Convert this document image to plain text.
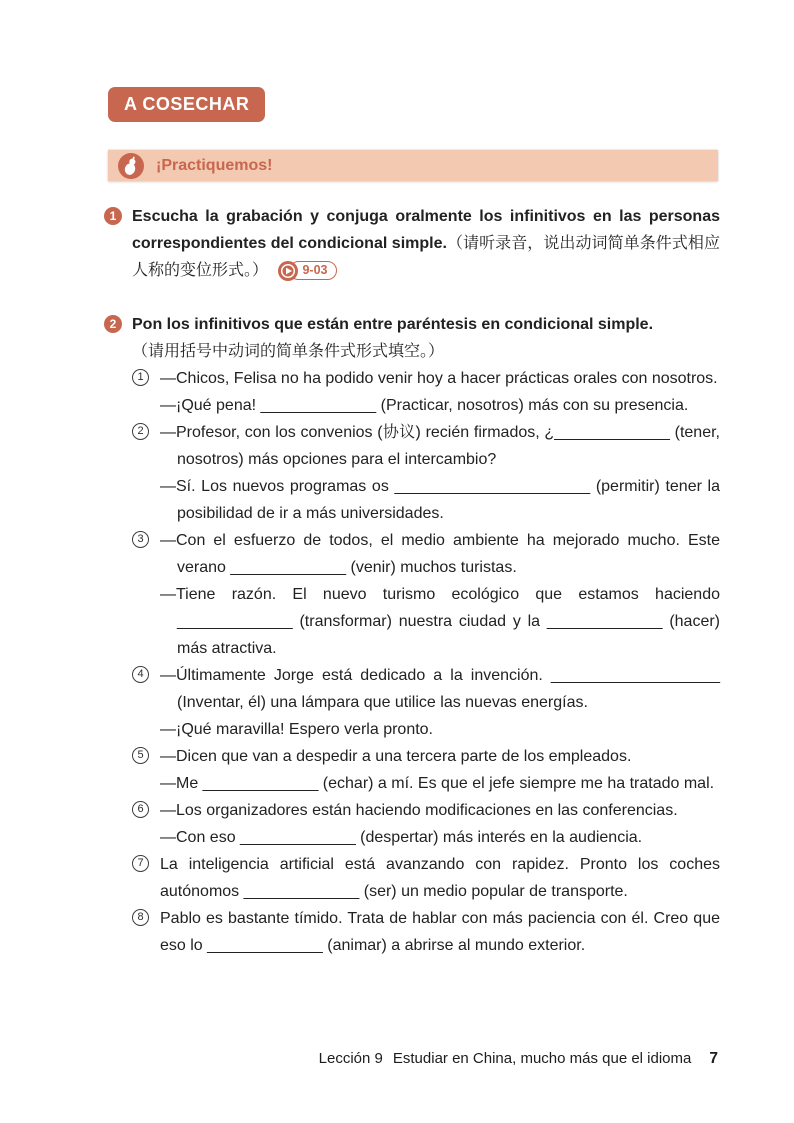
A COSECHAR
¡Practiquemos!
1 Escucha la grabación y conjuga oralmente los infinitivos en las personas correspondientes del condicional simple.（请听录音，说出动词简单条件式相应人称的变位形式。）	9-03
2 Pon los infinitivos que están entre paréntesis en condicional simple.
（请用括号中动词的简单条件式形式填空。）
1	—Chicos, Felisa no ha podido venir hoy a hacer prácticas orales con nosotros.

—¡Qué pena! _____________ (Practicar, nosotros) más con su presencia.

2	—Profesor, con los convenios (协议) recién firmados, ¿_____________ (tener, nosotros) más opciones para el intercambio?

—Sí. Los nuevos programas os ______________________ (permitir) tener la posibilidad de ir a más universidades.

3	—Con el esfuerzo de todos, el medio ambiente ha mejorado mucho. Este verano _____________ (venir) muchos turistas.

—Tiene razón. El nuevo turismo ecológico que estamos haciendo _____________ (transformar) nuestra ciudad y la _____________ (hacer) más atractiva.

4	—Últimamente Jorge está dedicado a la invención. ___________________ (Inventar, él) una lámpara que utilice las nuevas energías.

—¡Qué maravilla! Espero verla pronto.

5	—Dicen que van a despedir a una tercera parte de los empleados.

—Me _____________ (echar) a mí. Es que el jefe siempre me ha tratado mal.

6	—Los organizadores están haciendo modificaciones en las conferencias.

—Con eso _____________ (despertar) más interés en la audiencia.

7	La inteligencia artificial está avanzando con rapidez. Pronto los coches autónomos _____________ (ser) un medio popular de transporte.

8	Pablo es bastante tímido. Trata de hablar con más paciencia con él. Creo que eso lo _____________ (animar) a abrirse al mundo exterior.

Lección 9 Estudiar en China, mucho más que el idioma 7
